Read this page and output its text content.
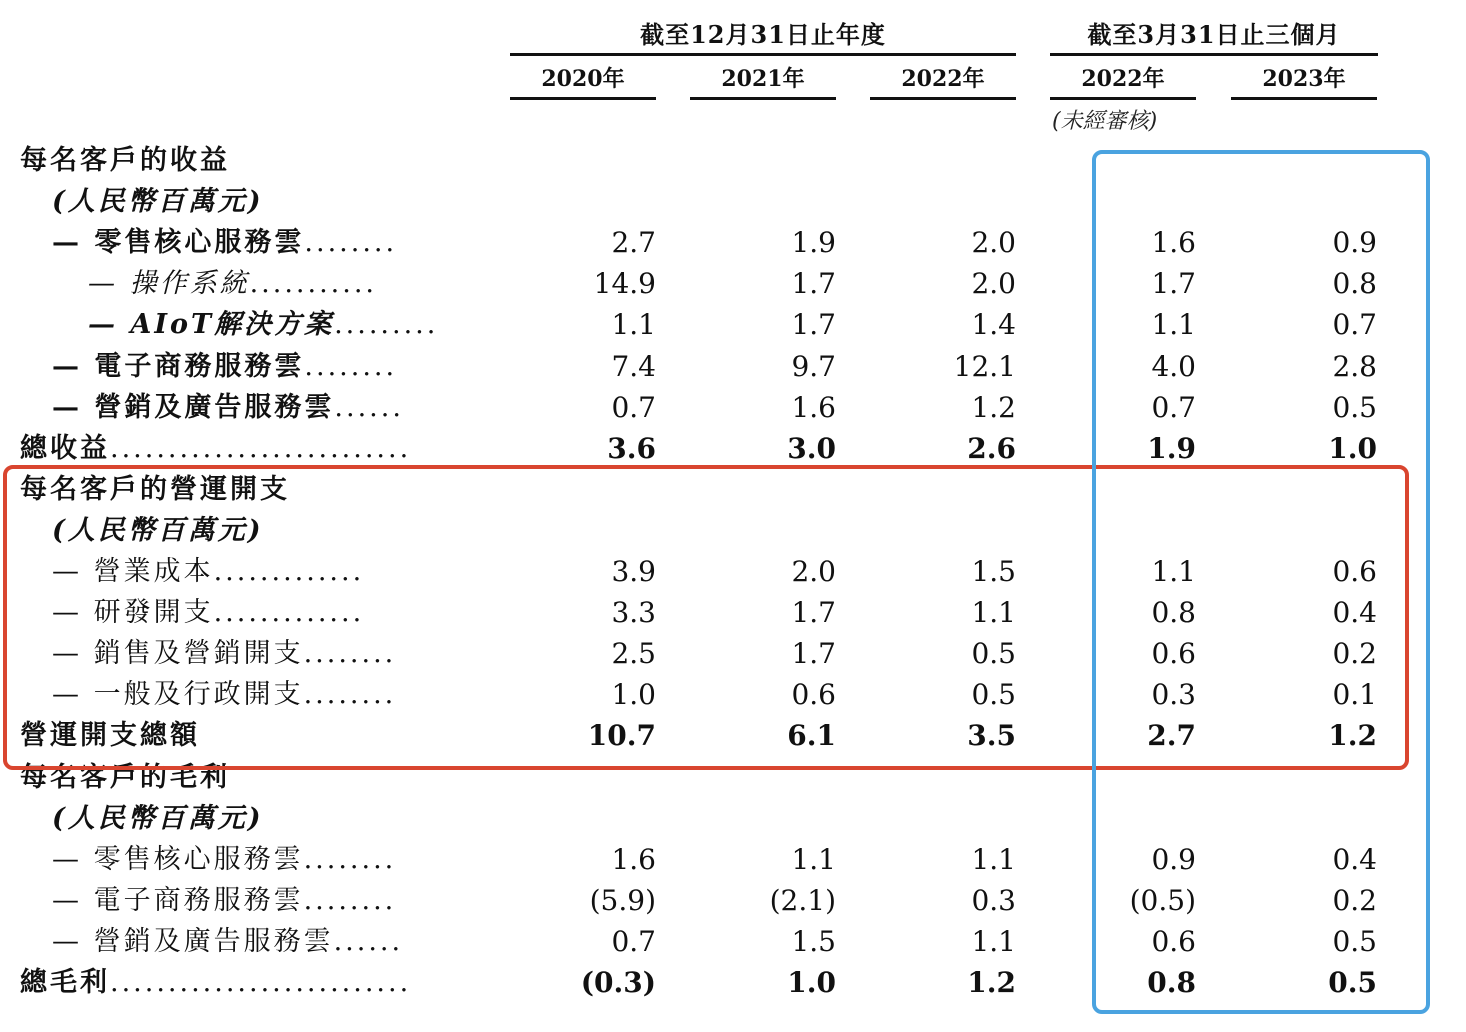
截至12月31日止年度	截至3月31日止三個月
2020年	2021年	2022年	2022年	2023年
(未經審核)
每名客戶的收益
(人民幣百萬元)
— 零售核心服務雲........	2.7	1.9	2.0	1.6	0.9
— 操作系統...........	14.9	1.7	2.0	1.7	0.8
— AIoT解決方案.........	1.1	1.7	1.4	1.1	0.7
— 電子商務服務雲........	7.4	9.7	12.1	4.0	2.8
— 營銷及廣告服務雲......	0.7	1.6	1.2	0.7	0.5
總收益..........................	3.6	3.0	2.6	1.9	1.0
每名客戶的營運開支
(人民幣百萬元)
— 營業成本.............	3.9	2.0	1.5	1.1	0.6
— 研發開支.............	3.3	1.7	1.1	0.8	0.4
— 銷售及營銷開支........	2.5	1.7	0.5	0.6	0.2
— 一般及行政開支........	1.0	0.6	0.5	0.3	0.1
營運開支總額	10.7	6.1	3.5	2.7	1.2
每名客戶的毛利
(人民幣百萬元)
— 零售核心服務雲........	1.6	1.1	1.1	0.9	0.4
— 電子商務服務雲........	(5.9)	(2.1)	0.3	(0.5)	0.2
— 營銷及廣告服務雲......	0.7	1.5	1.1	0.6	0.5
總毛利..........................	(0.3)	1.0	1.2	0.8	0.5
